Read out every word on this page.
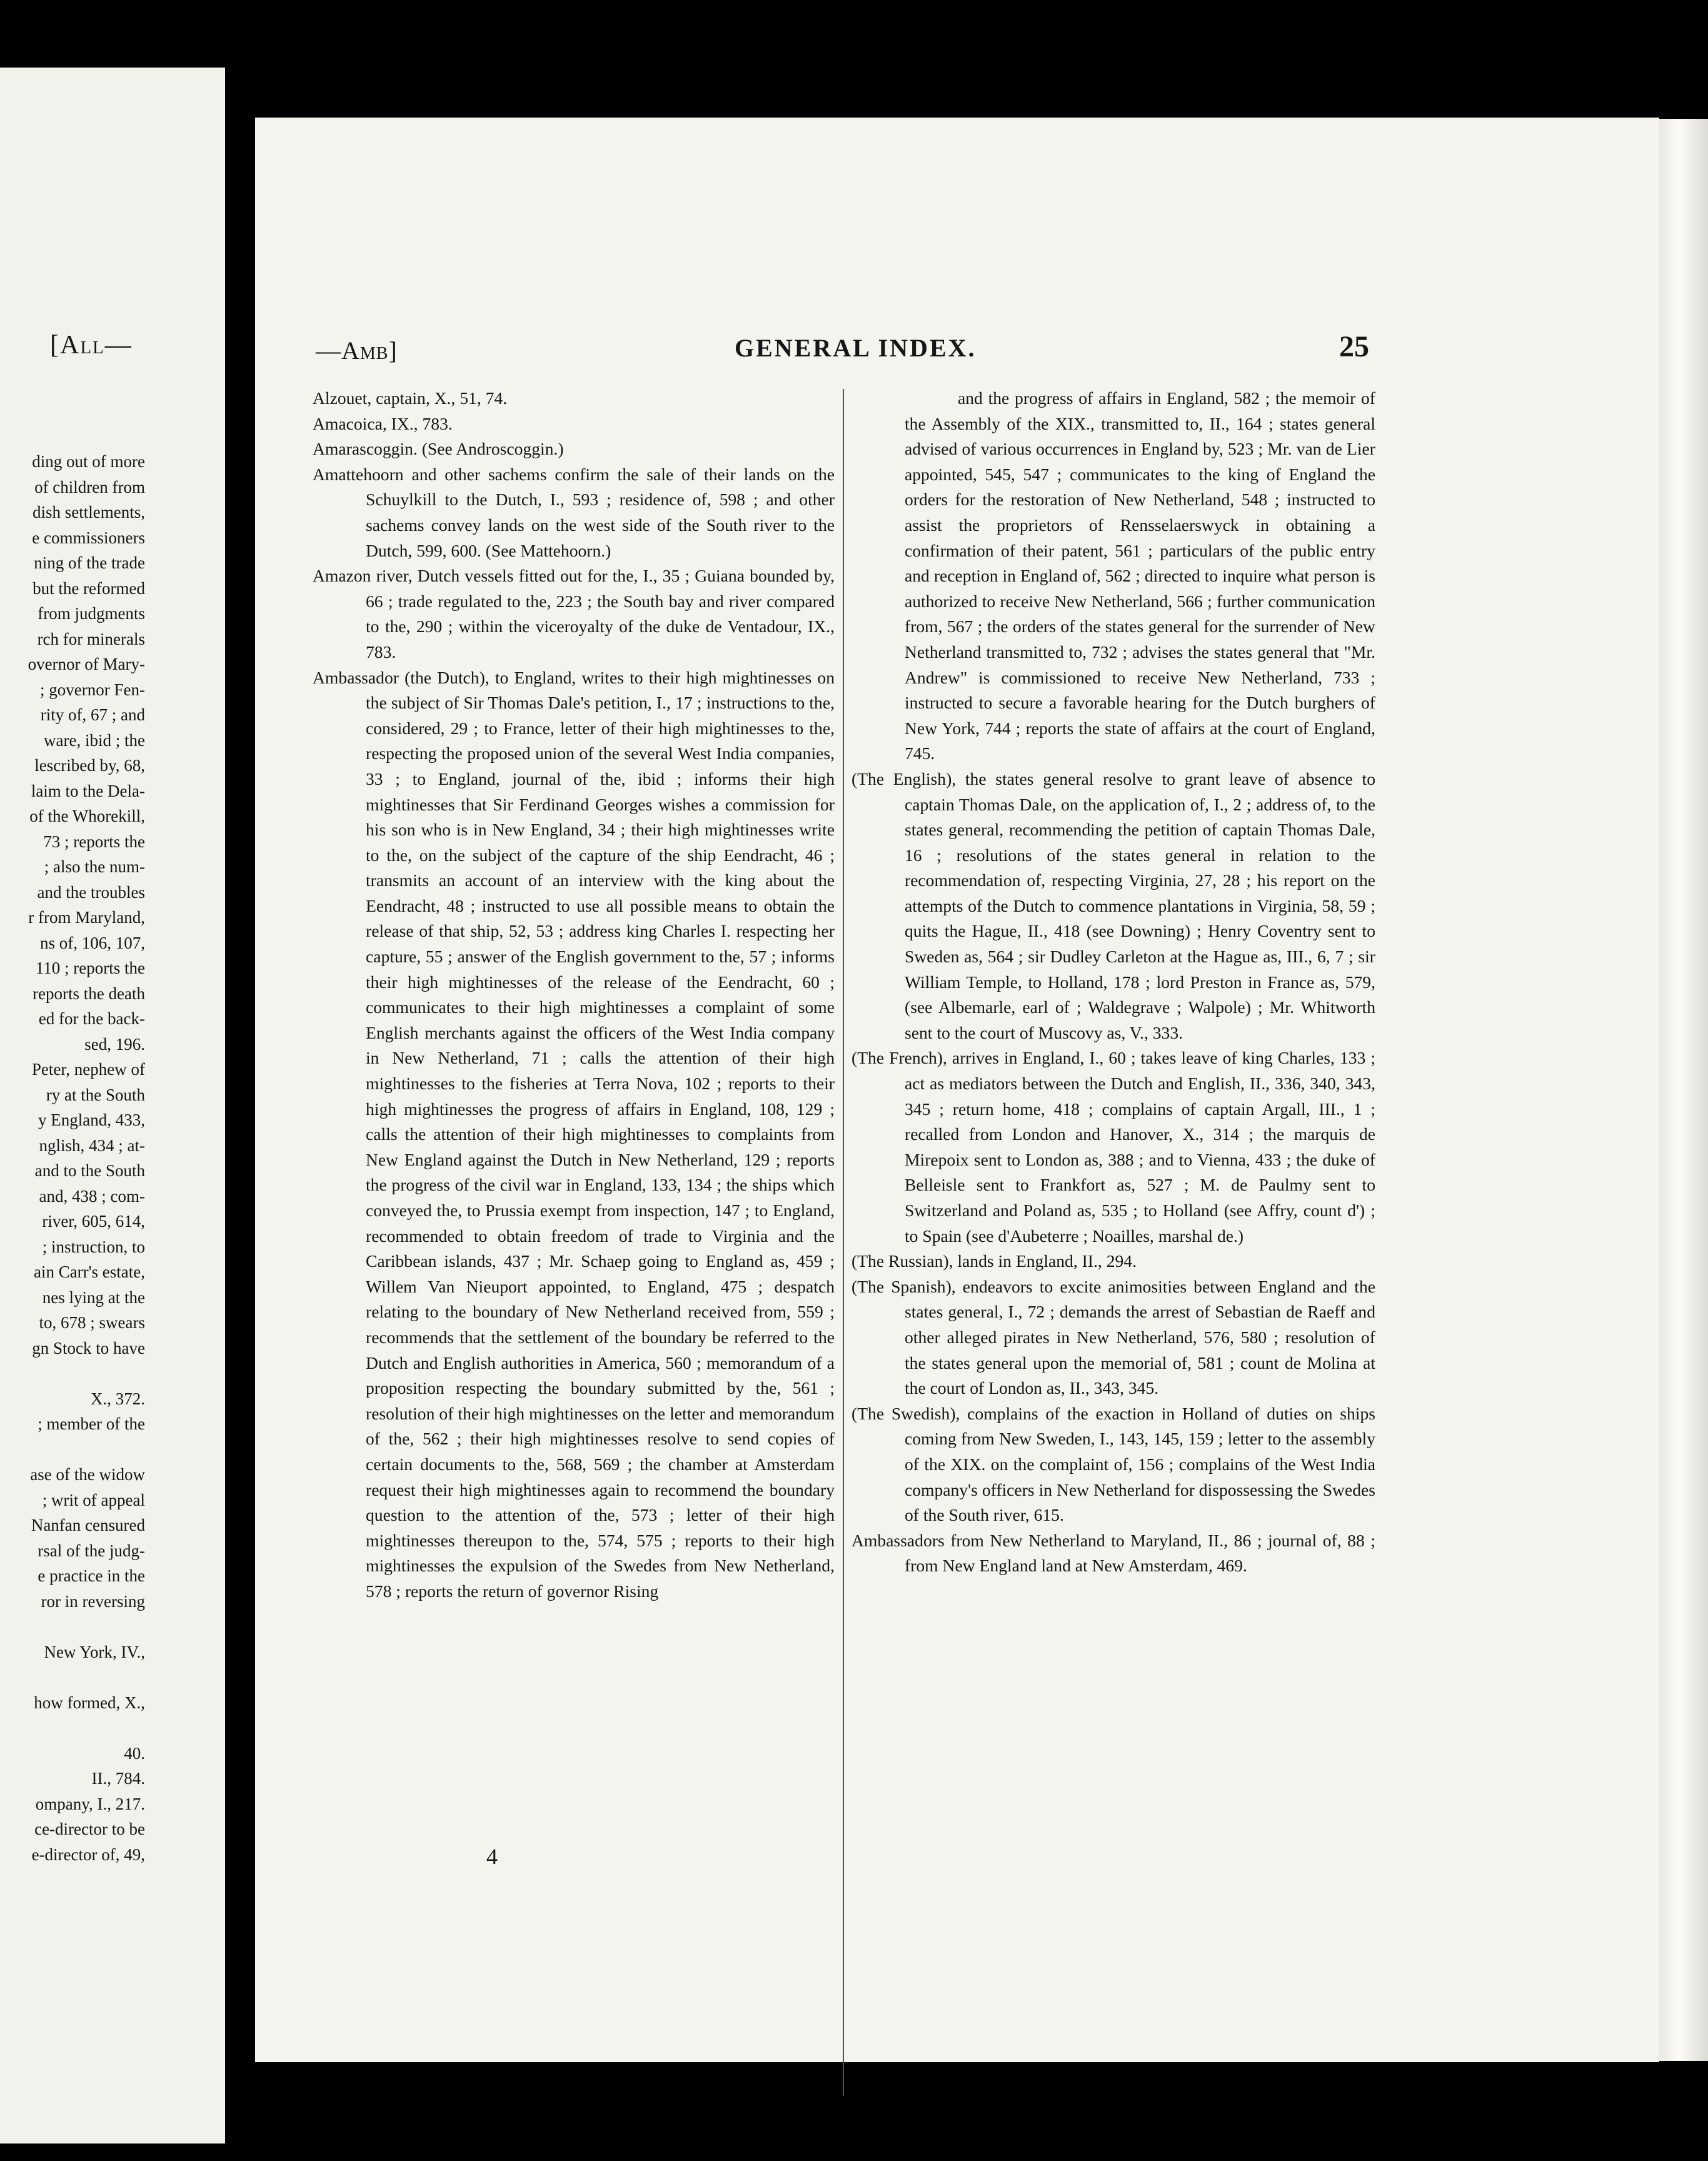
[All—
ding out of more
of children from
dish settlements,
e commissioners
ning of the trade
but the reformed
from judgments
rch for minerals
overnor of Mary-
; governor Fen-
rity of, 67 ; and
ware, ibid ; the
lescribed by, 68,
laim to the Dela-
of the Whorekill,
73 ; reports the
; also the num-
and the troubles
r from Maryland,
ns of, 106, 107,
110 ; reports the
reports the death
ed for the back-
sed, 196.
Peter, nephew of
ry at the South
y England, 433,
nglish, 434 ; at-
and to the South
and, 438 ; com-
river, 605, 614,
; instruction, to
ain Carr's estate,
nes lying at the
to, 678 ; swears
gn Stock to have
X., 372.
; member of the
ase of the widow
; writ of appeal
Nanfan censured
rsal of the judg-
e practice in the
ror in reversing
New York, IV.,
how formed, X.,
40.
II., 784.
ompany, I., 217.
ce-director to be
e-director of, 49,
—Amb]	GENERAL INDEX.	25
Alzouet, captain, X., 51, 74.
Amacoica, IX., 783.
Amarascoggin. (See Androscoggin.)
Amattehoorn and other sachems confirm the sale of their lands on the Schuylkill to the Dutch, I., 593 ; residence of, 598 ; and other sachems convey lands on the west side of the South river to the Dutch, 599, 600. (See Mattehoorn.)
Amazon river, Dutch vessels fitted out for the, I., 35 ; Guiana bounded by, 66 ; trade regulated to the, 223 ; the South bay and river compared to the, 290 ; within the viceroyalty of the duke de Ventadour, IX., 783.
Ambassador (the Dutch), to England, writes to their high mightinesses on the subject of Sir Thomas Dale's petition, I., 17 ; instructions to the, considered, 29 ; to France, letter of their high mightinesses to the, respecting the proposed union of the several West India companies, 33 ; to England, journal of the, ibid ; informs their high mightinesses that Sir Ferdinand Georges wishes a commission for his son who is in New England, 34 ; their high mightinesses write to the, on the subject of the capture of the ship Eendracht, 46 ; transmits an account of an interview with the king about the Eendracht, 48 ; instructed to use all possible means to obtain the release of that ship, 52, 53 ; address king Charles I. respecting her capture, 55 ; answer of the English government to the, 57 ; informs their high mightinesses of the release of the Eendracht, 60 ; communicates to their high mightinesses a complaint of some English merchants against the officers of the West India company in New Netherland, 71 ; calls the attention of their high mightinesses to the fisheries at Terra Nova, 102 ; reports to their high mightinesses the progress of affairs in England, 108, 129 ; calls the attention of their high mightinesses to complaints from New England against the Dutch in New Netherland, 129 ; reports the progress of the civil war in England, 133, 134 ; the ships which conveyed the, to Prussia exempt from inspection, 147 ; to England, recommended to obtain freedom of trade to Virginia and the Caribbean islands, 437 ; Mr. Schaep going to England as, 459 ; Willem Van Nieuport appointed, to England, 475 ; despatch relating to the boundary of New Netherland received from, 559 ; recommends that the settlement of the boundary be referred to the Dutch and English authorities in America, 560 ; memorandum of a proposition respecting the boundary submitted by the, 561 ; resolution of their high mightinesses on the letter and memorandum of the, 562 ; their high mightinesses resolve to send copies of certain documents to the, 568, 569 ; the chamber at Amsterdam request their high mightinesses again to recommend the boundary question to the attention of the, 573 ; letter of their high mightinesses thereupon to the, 574, 575 ; reports to their high mightinesses the expulsion of the Swedes from New Netherland, 578 ; reports the return of governor Rising
and the progress of affairs in England, 582 ; the memoir of the Assembly of the XIX., transmitted to, II., 164 ; states general advised of various occurrences in England by, 523 ; Mr. van de Lier appointed, 545, 547 ; communicates to the king of England the orders for the restoration of New Netherland, 548 ; instructed to assist the proprietors of Rensselaerswyck in obtaining a confirmation of their patent, 561 ; particulars of the public entry and reception in England of, 562 ; directed to inquire what person is authorized to receive New Netherland, 566 ; further communication from, 567 ; the orders of the states general for the surrender of New Netherland transmitted to, 732 ; advises the states general that "Mr. Andrew" is commissioned to receive New Netherland, 733 ; instructed to secure a favorable hearing for the Dutch burghers of New York, 744 ; reports the state of affairs at the court of England, 745.
(The English), the states general resolve to grant leave of absence to captain Thomas Dale, on the application of, I., 2 ; address of, to the states general, recommending the petition of captain Thomas Dale, 16 ; resolutions of the states general in relation to the recommendation of, respecting Virginia, 27, 28 ; his report on the attempts of the Dutch to commence plantations in Virginia, 58, 59 ; quits the Hague, II., 418 (see Downing) ; Henry Coventry sent to Sweden as, 564 ; sir Dudley Carleton at the Hague as, III., 6, 7 ; sir William Temple, to Holland, 178 ; lord Preston in France as, 579, (see Albemarle, earl of ; Waldegrave ; Walpole) ; Mr. Whitworth sent to the court of Muscovy as, V., 333.
(The French), arrives in England, I., 60 ; takes leave of king Charles, 133 ; act as mediators between the Dutch and English, II., 336, 340, 343, 345 ; return home, 418 ; complains of captain Argall, III., 1 ; recalled from London and Hanover, X., 314 ; the marquis de Mirepoix sent to London as, 388 ; and to Vienna, 433 ; the duke of Belleisle sent to Frankfort as, 527 ; M. de Paulmy sent to Switzerland and Poland as, 535 ; to Holland (see Affry, count d') ; to Spain (see d'Aubeterre ; Noailles, marshal de.)
(The Russian), lands in England, II., 294.
(The Spanish), endeavors to excite animosities between England and the states general, I., 72 ; demands the arrest of Sebastian de Raeff and other alleged pirates in New Netherland, 576, 580 ; resolution of the states general upon the memorial of, 581 ; count de Molina at the court of London as, II., 343, 345.
(The Swedish), complains of the exaction in Holland of duties on ships coming from New Sweden, I., 143, 145, 159 ; letter to the assembly of the XIX. on the complaint of, 156 ; complains of the West India company's officers in New Netherland for dispossessing the Swedes of the South river, 615.
Ambassadors from New Netherland to Maryland, II., 86 ; journal of, 88 ; from New England land at New Amsterdam, 469.
4
